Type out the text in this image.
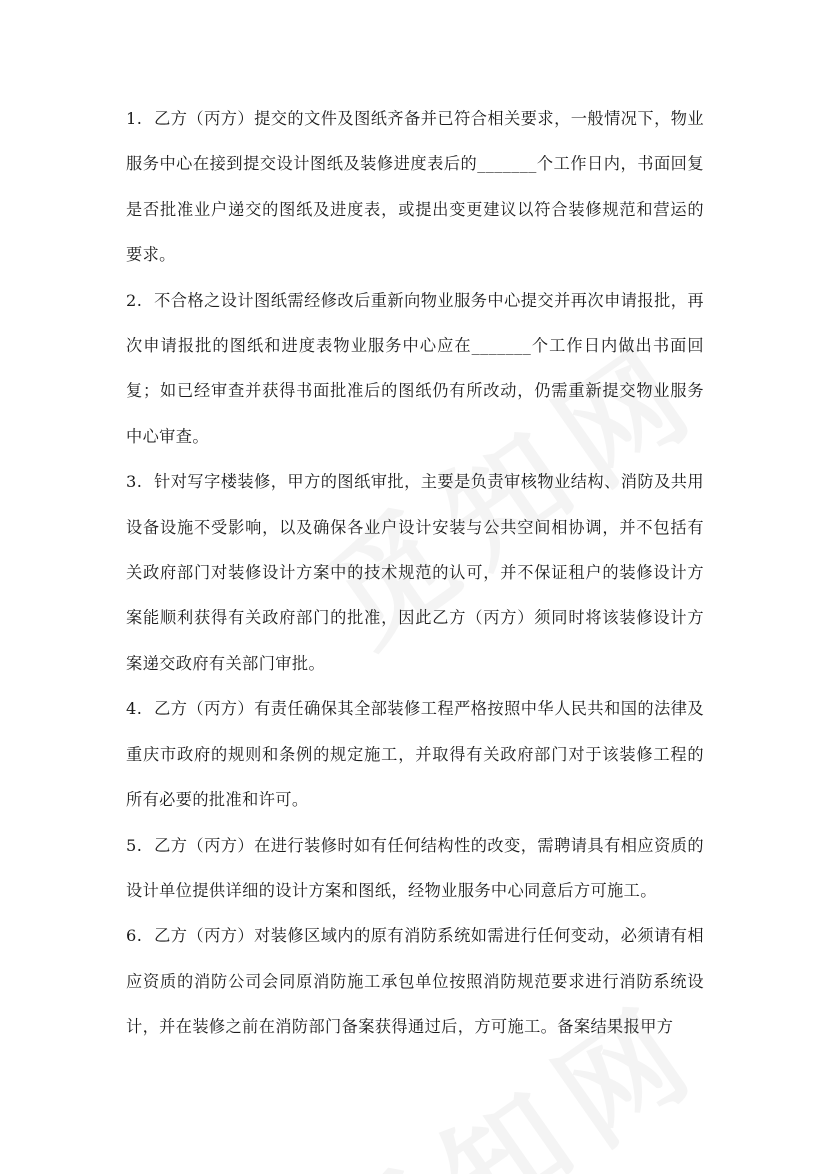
1. 乙方（丙方）提交的文件及图纸齐备并已符合相关要求，一般情况下，物业服务中心在接到提交设计图纸及装修进度表后的_______个工作日内，书面回复是否批准业户递交的图纸及进度表，或提出变更建议以符合装修规范和营运的要求。

2. 不合格之设计图纸需经修改后重新向物业服务中心提交并再次申请报批，再次申请报批的图纸和进度表物业服务中心应在_______个工作日内做出书面回复；如已经审查并获得书面批准后的图纸仍有所改动，仍需重新提交物业服务中心审查。

3. 针对写字楼装修，甲方的图纸审批，主要是负责审核物业结构、消防及共用设备设施不受影响，以及确保各业户设计安装与公共空间相协调，并不包括有关政府部门对装修设计方案中的技术规范的认可，并不保证租户的装修设计方案能顺利获得有关政府部门的批准，因此乙方（丙方）须同时将该装修设计方案递交政府有关部门审批。

4. 乙方（丙方）有责任确保其全部装修工程严格按照中华人民共和国的法律及重庆市政府的规则和条例的规定施工，并取得有关政府部门对于该装修工程的所有必要的批准和许可。

5. 乙方（丙方）在进行装修时如有任何结构性的改变，需聘请具有相应资质的设计单位提供详细的设计方案和图纸，经物业服务中心同意后方可施工。

6. 乙方（丙方）对装修区域内的原有消防系统如需进行任何变动，必须请有相应资质的消防公司会同原消防施工承包单位按照消防规范要求进行消防系统设计，并在装修之前在消防部门备案获得通过后，方可施工。备案结果报甲方
